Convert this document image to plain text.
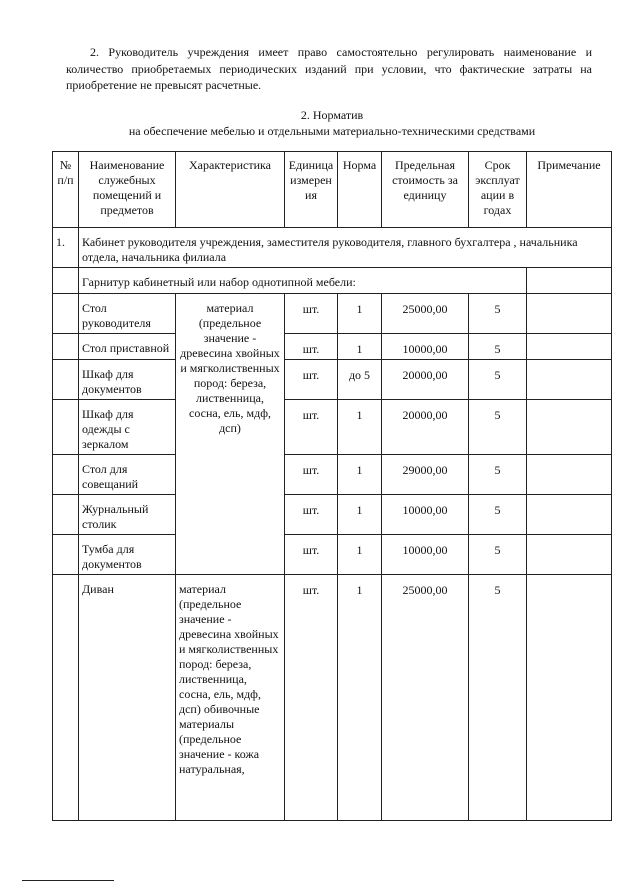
2. Руководитель учреждения имеет право самостоятельно регулировать наименование и количество приобретаемых периодических изданий при условии, что фактические затраты на приобретение не превысят расчетные.

2. Норматив
на обеспечение мебелью и отдельными материально-техническими средствами
№ п/п	Наименование служебных помещений и предметов	Характеристика	Единица измерен ия	Норма	Предельная стоимость за единицу	Срок эксплуат ации в годах	Примечание
1.	Кабинет руководителя учреждения, заместителя руководителя, главного бухгалтера , начальника отдела, начальника филиала						
	Гарнитур кабинетный или набор однотипной мебели:						
	Стол руководителя	материал (предельное значение - древесина хвойных и мягколиственных пород: береза, лиственница, сосна, ель, мдф, дсп)	шт.	1	25000,00	5	
	Стол приставной		шт.	1	10000,00	5	
	Шкаф для документов		шт.	до 5	20000,00	5	
	Шкаф для одежды с зеркалом		шт.	1	20000,00	5	
	Стол для совещаний		шт.	1	29000,00	5	
	Журнальный столик		шт.	1	10000,00	5	
	Тумба для документов		шт.	1	10000,00	5	
	Диван	материал (предельное значение - древесина хвойных и мягколиственных пород: береза, лиственница, сосна, ель, мдф, дсп) обивочные материалы (предельное значение - кожа натуральная,	шт.	1	25000,00	5	
